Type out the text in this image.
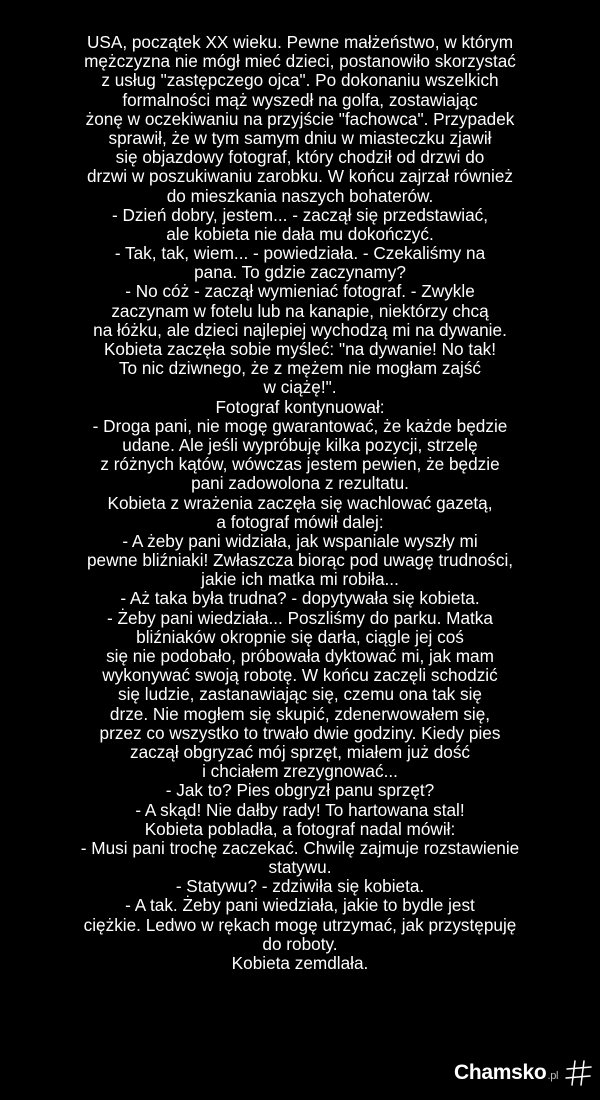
USA, początek XX wieku. Pewne małżeństwo, w którym
mężczyzna nie mógł mieć dzieci, postanowiło skorzystać
z usług "zastępczego ojca". Po dokonaniu wszelkich
formalności mąż wyszedł na golfa, zostawiając
żonę w oczekiwaniu na przyjście "fachowca". Przypadek
sprawił, że w tym samym dniu w miasteczku zjawił
się objazdowy fotograf, który chodził od drzwi do
drzwi w poszukiwaniu zarobku. W końcu zajrzał również
do mieszkania naszych bohaterów.
- Dzień dobry, jestem... - zaczął się przedstawiać,
ale kobieta nie dała mu dokończyć.
- Tak, tak, wiem... - powiedziała. - Czekaliśmy na
pana. To gdzie zaczynamy?
- No cóż - zaczął wymieniać fotograf. - Zwykle
zaczynam w fotelu lub na kanapie, niektórzy chcą
na łóżku, ale dzieci najlepiej wychodzą mi na dywanie.
Kobieta zaczęła sobie myśleć: "na dywanie! No tak!
To nic dziwnego, że z mężem nie mogłam zajść
w ciążę!".
Fotograf kontynuował:
- Droga pani, nie mogę gwarantować, że każde będzie
udane. Ale jeśli wypróbuję kilka pozycji, strzelę
z różnych kątów, wówczas jestem pewien, że będzie
pani zadowolona z rezultatu.
Kobieta z wrażenia zaczęła się wachlować gazetą,
a fotograf mówił dalej:
- A żeby pani widziała, jak wspaniale wyszły mi
pewne bliźniaki! Zwłaszcza biorąc pod uwagę trudności,
jakie ich matka mi robiła...
- Aż taka była trudna? - dopytywała się kobieta.
- Żeby pani wiedziała... Poszliśmy do parku. Matka
bliźniaków okropnie się darła, ciągle jej coś
się nie podobało, próbowała dyktować mi, jak mam
wykonywać swoją robotę. W końcu zaczęli schodzić
się ludzie, zastanawiając się, czemu ona tak się
drze. Nie mogłem się skupić, zdenerwowałem się,
przez co wszystko to trwało dwie godziny. Kiedy pies
zaczął obgryzać mój sprzęt, miałem już dość
i chciałem zrezygnować...
- Jak to? Pies obgryzł panu sprzęt?
- A skąd! Nie dałby rady! To hartowana stal!
Kobieta pobladła, a fotograf nadal mówił:
- Musi pani trochę zaczekać. Chwilę zajmuje rozstawienie
statywu.
- Statywu? - zdziwiła się kobieta.
- A tak. Żeby pani wiedziała, jakie to bydle jest
ciężkie. Ledwo w rękach mogę utrzymać, jak przystępuję
do roboty.
Kobieta zemdlała.
Chamsko.pl
